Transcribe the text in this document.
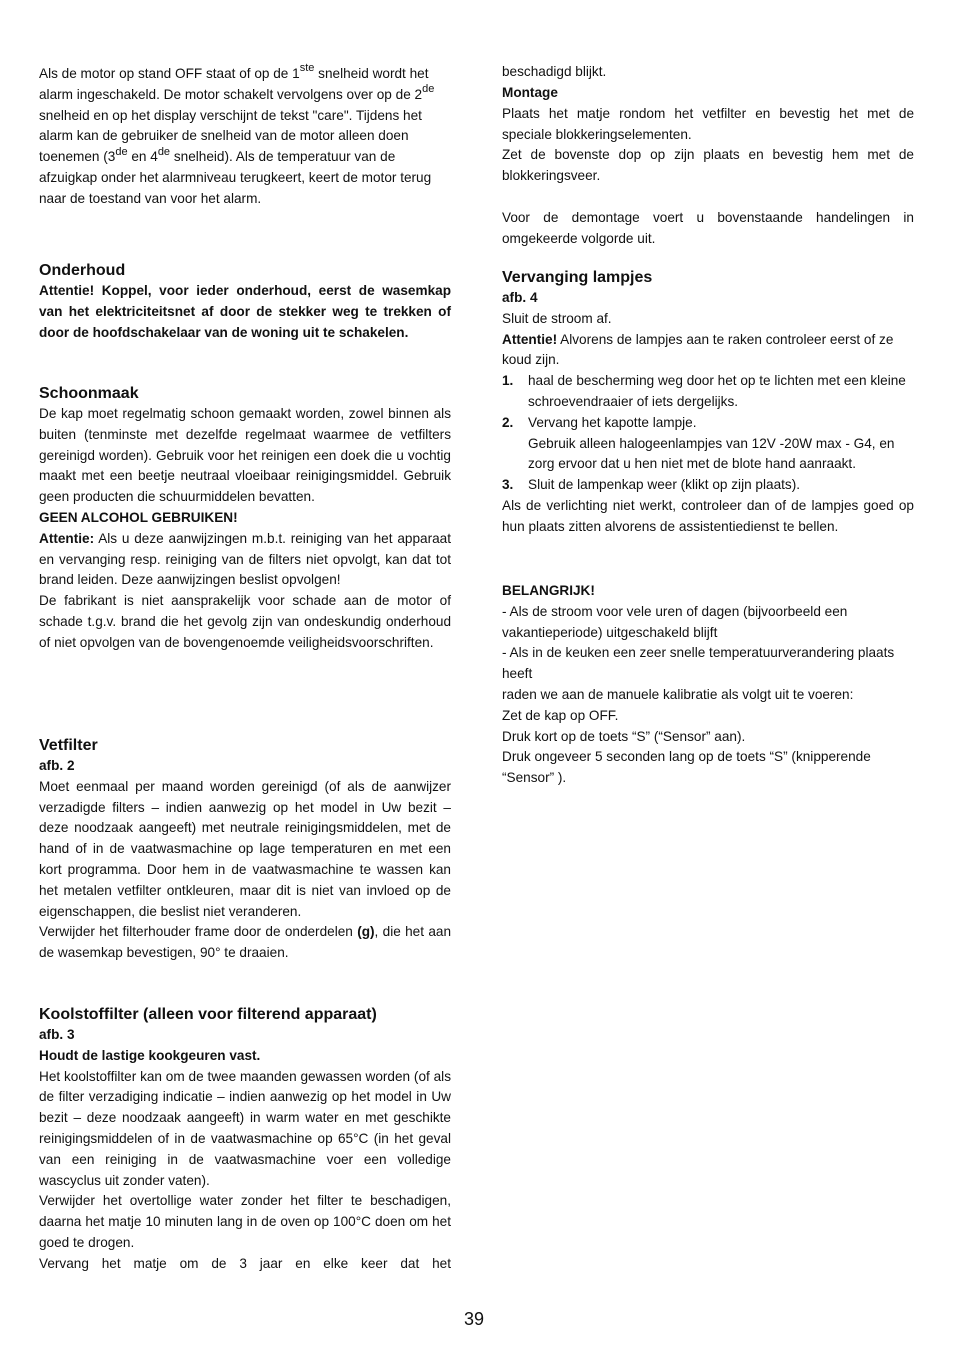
Als de motor op stand OFF staat of op de 1ste snelheid wordt het alarm ingeschakeld. De motor schakelt vervolgens over op de 2de snelheid en op het display verschijnt de tekst "care". Tijdens het alarm kan de gebruiker de snelheid van de motor alleen doen toenemen (3de en 4de snelheid). Als de temperatuur van de afzuigkap onder het alarmniveau terugkeert, keert de motor terug naar de toestand van voor het alarm.

Onderhoud

Attentie! Koppel, voor ieder onderhoud, eerst de wasemkap van het elektriciteitsnet af door de stekker weg te trekken of door de hoofdschakelaar van de woning uit te schakelen.

Schoonmaak

De kap moet regelmatig schoon gemaakt worden, zowel binnen als buiten (tenminste met dezelfde regelmaat waarmee de vetfilters gereinigd worden). Gebruik voor het reinigen een doek die u vochtig maakt met een beetje neutraal vloeibaar reinigingsmiddel. Gebruik geen producten die schuurmiddelen bevatten.

GEEN ALCOHOL GEBRUIKEN!

Attentie: Als u deze aanwijzingen m.b.t. reiniging van het apparaat en vervanging resp. reiniging van de filters niet opvolgt, kan dat tot brand leiden. Deze aanwijzingen beslist opvolgen!

De fabrikant is niet aansprakelijk voor schade aan de motor of schade t.g.v. brand die het gevolg zijn van ondeskundig onderhoud of niet opvolgen van de bovengenoemde veiligheidsvoorschriften.

Vetfilter

afb. 2

Moet eenmaal per maand worden gereinigd (of als de aanwijzer verzadigde filters – indien aanwezig op het model in Uw bezit – deze noodzaak aangeeft) met neutrale reinigingsmiddelen, met de hand of in de vaatwasmachine op lage temperaturen en met een kort programma. Door hem in de vaatwasmachine te wassen kan het metalen vetfilter ontkleuren, maar dit is niet van invloed op de eigenschappen, die beslist niet veranderen.

Verwijder het filterhouder frame door de onderdelen (g), die het aan de wasemkap bevestigen, 90° te draaien.

Koolstoffilter (alleen voor filterend apparaat)

afb. 3

Houdt de lastige kookgeuren vast.

Het koolstoffilter kan om de twee maanden gewassen worden (of als de filter verzadiging indicatie – indien aanwezig op het model in Uw bezit – deze noodzaak aangeeft) in warm water en met geschikte reinigingsmiddelen of in de vaatwasmachine op 65°C (in het geval van een reiniging in de vaatwasmachine voer een volledige wascyclus uit zonder vaten).

Verwijder het overtollige water zonder het filter te beschadigen, daarna het matje 10 minuten lang in de oven op 100°C doen om het goed te drogen.

Vervang het matje om de 3 jaar en elke keer dat het

beschadigd blijkt.

Montage

Plaats het matje rondom het vetfilter en bevestig het met de speciale blokkeringselementen.

Zet de bovenste dop op zijn plaats en bevestig hem met de blokkeringsveer.

Voor de demontage voert u bovenstaande handelingen in omgekeerde volgorde uit.

Vervanging lampjes

afb. 4

Sluit de stroom af.

Attentie! Alvorens de lampjes aan te raken controleer eerst of ze koud zijn.

1. haal de bescherming weg door het op te lichten met een kleine schroevendraaier of iets dergelijks.
2. Vervang het kapotte lampje.
Gebruik alleen halogeenlampjes van 12V -20W max - G4, en zorg ervoor dat u hen niet met de blote hand aanraakt.
3. Sluit de lampenkap weer (klikt op zijn plaats).

Als de verlichting niet werkt, controleer dan of de lampjes goed op hun plaats zitten alvorens de assistentiedienst te bellen.

BELANGRIJK!

- Als de stroom voor vele uren of dagen (bijvoorbeeld een vakantieperiode) uitgeschakeld blijft

- Als in de keuken een zeer snelle temperatuurverandering plaats heeft

raden we aan de manuele kalibratie als volgt uit te voeren:

Zet de kap op OFF.

Druk kort op de toets “S” (“Sensor” aan).

Druk ongeveer 5 seconden lang op de toets “S” (knipperende “Sensor” ).

39
